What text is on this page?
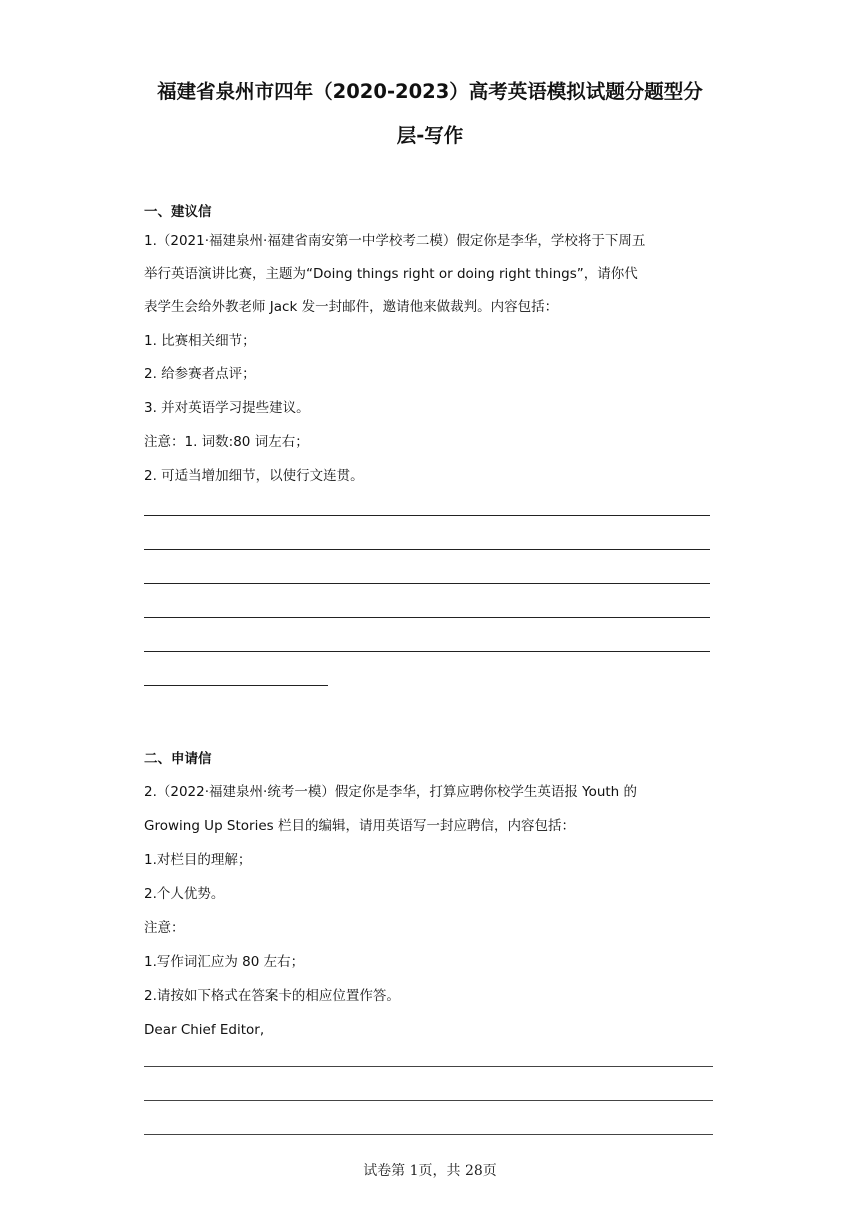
福建省泉州市四年（2020-2023）高考英语模拟试题分题型分
层-写作
一、建议信
1.（2021·福建泉州·福建省南安第一中学校考二模）假定你是李华，学校将于下周五
举行英语演讲比赛，主题为“Doing things right or doing right things”，请你代
表学生会给外教老师 Jack 发一封邮件，邀请他来做裁判。内容包括：
1. 比赛相关细节；
2. 给参赛者点评；
3. 并对英语学习提些建议。
注意：1. 词数:80 词左右；
2. 可适当增加细节，以使行文连贯。
二、申请信
2.（2022·福建泉州·统考一模）假定你是李华，打算应聘你校学生英语报 Youth 的
Growing Up Stories 栏目的编辑，请用英语写一封应聘信，内容包括：
1.对栏目的理解；
2.个人优势。
注意：
1.写作词汇应为 80 左右；
2.请按如下格式在答案卡的相应位置作答。
Dear Chief Editor,
试卷第 1页，共 28页
